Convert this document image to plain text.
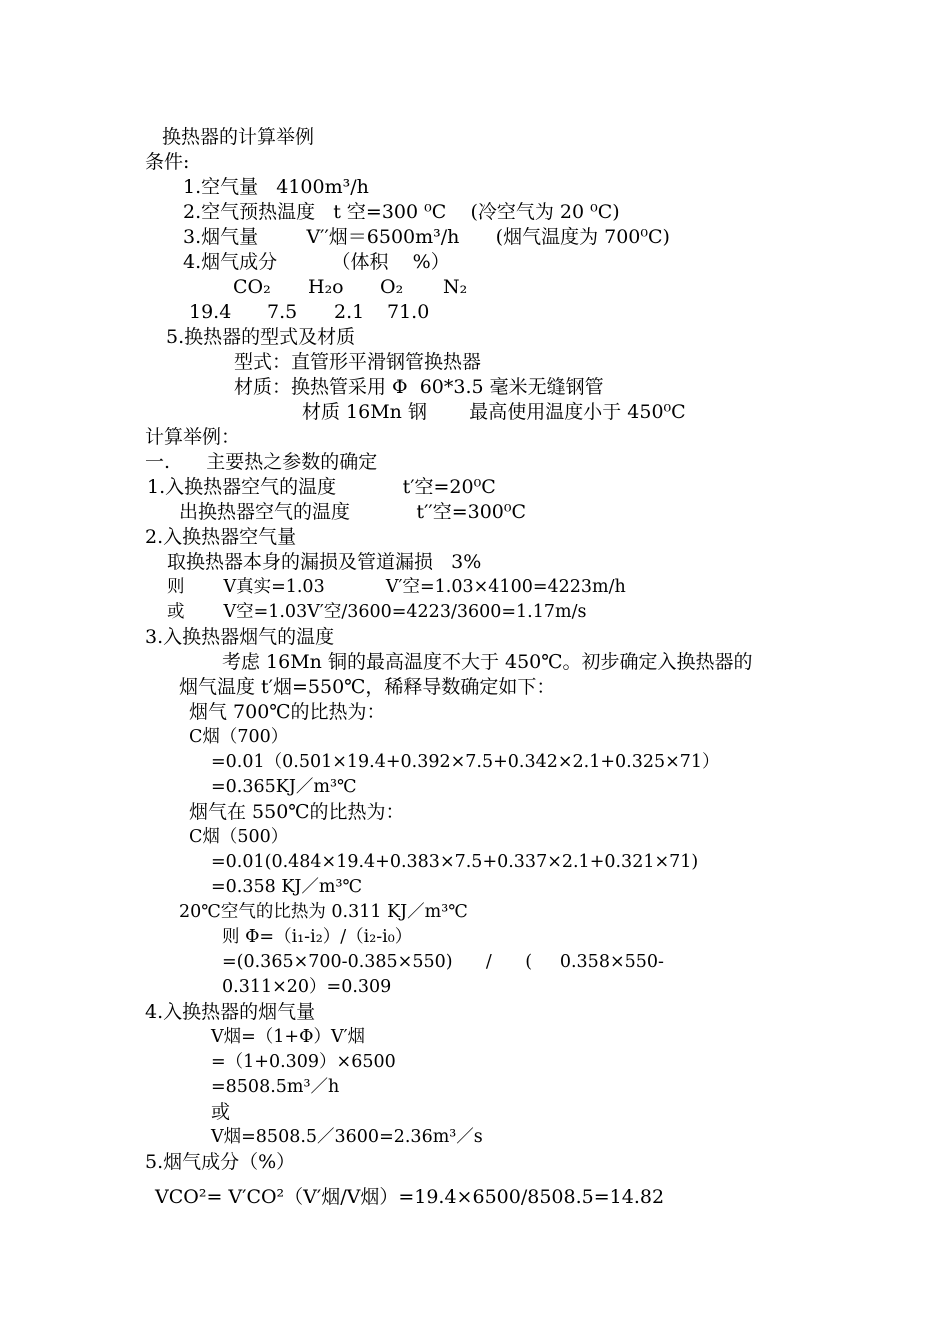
换热器的计算举例
条件:
1.空气量   4100m³/h
2.空气预热温度   t 空=300 ⁰C    (冷空气为 20 ⁰C)
3.烟气量        V′′烟＝6500m³/h      (烟气温度为 700⁰C)
4.烟气成分         （体积    %）
CO₂ H₂o O₂ N₂
19.4 7.5 2.1 71.0
5.换热器的型式及材质
型式：直管形平滑钢管换热器
材质：换热管采用 Φ  60*3.5 毫米无缝钢管
材质 16Mn 钢       最高使用温度小于 450⁰C
计算举例：
一.      主要热之参数的确定
1.入换热器空气的温度           t′空=20⁰C
出换热器空气的温度           t′′空=300⁰C
2.入换热器空气量
取换热器本身的漏损及管道漏损   3%
则       V真实=1.03           V′空=1.03×4100=4223m/h
或       V空=1.03V′空/3600=4223/3600=1.17m/s
3.入换热器烟气的温度
考虑 16Mn 铜的最高温度不大于 450℃。初步确定入换热器的
烟气温度 t′烟=550℃，稀释导数确定如下：
烟气 700℃的比热为：
C烟（700）
=0.01（0.501×19.4+0.392×7.5+0.342×2.1+0.325×71）
=0.365KJ／m³℃
烟气在 550℃的比热为：
C烟（500）
=0.01(0.484×19.4+0.383×7.5+0.337×2.1+0.321×71)
=0.358 KJ／m³℃
20℃空气的比热为 0.311 KJ／m³℃
则 Φ=（i₁-i₂）/（i₂-i₀）
=(0.365×700-0.385×550)      /      (     0.358×550-
0.311×20）=0.309
4.入换热器的烟气量
V烟=（1+Φ）V′烟
=（1+0.309）×6500
=8508.5m³／h
或
V烟=8508.5／3600=2.36m³／s
5.烟气成分（%）
VCO²= V′CO²（V′烟/V烟）=19.4×6500/8508.5=14.82
